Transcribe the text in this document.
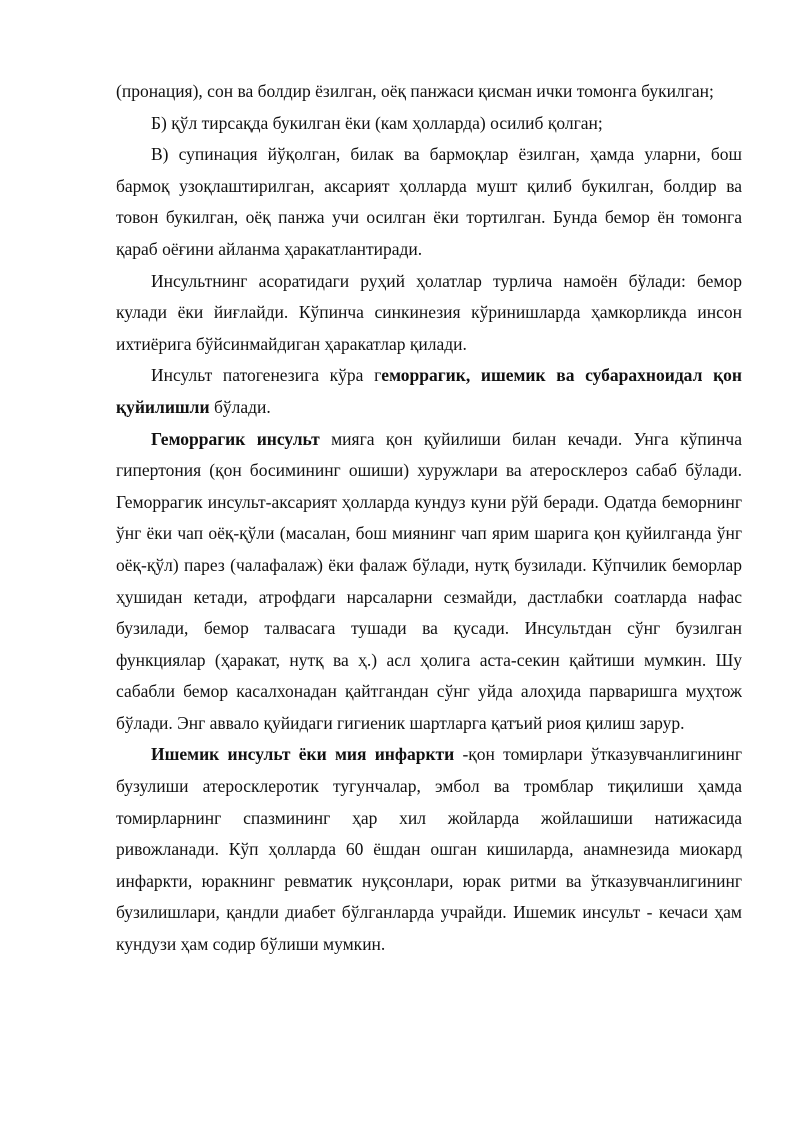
(пронация), сон ва болдир ёзилган, оёқ панжаси қисман ички томонга букилган;

Б) қўл тирсақда букилган ёки (кам ҳолларда) осилиб қолган;

В) супинация йўқолган, билак ва бармоқлар ёзилган, ҳамда уларни, бош бармоқ узоқлаштирилган, аксарият ҳолларда мушт қилиб букилган, болдир ва товон букилган, оёқ панжа учи осилган ёки тортилган. Бунда бемор ён томонга қараб оёғини айланма ҳаракатлантиради.

Инсультнинг асоратидаги руҳий ҳолатлар турлича намоён бўлади: бемор кулади ёки йиғлайди. Кўпинча синкинезия кўринишларда ҳамкорликда инсон ихтиёрига бўйсинмайдиган ҳаракатлар қилади.

Инсульт патогенезига кўра геморрагик, ишемик ва субарахноидал қон қуйилишли бўлади.

Геморрагик инсульт мияга қон қуйилиши билан кечади. Унга кўпинча гипертония (қон босимининг ошиши) хуружлари ва атеросклероз сабаб бўлади. Геморрагик инсульт-аксарият ҳолларда кундуз куни рўй беради. Одатда беморнинг ўнг ёки чап оёқ-қўли (масалан, бош миянинг чап ярим шарига қон қуйилганда ўнг оёқ-қўл) парез (чалафалаж) ёки фалаж бўлади, нутқ бузилади. Кўпчилик беморлар ҳушидан кетади, атрофдаги нарсаларни сезмайди, дастлабки соатларда нафас бузилади, бемор талвасага тушади ва қусади. Инсультдан сўнг бузилган функциялар (ҳаракат, нутқ ва ҳ.) асл ҳолига аста-секин қайтиши мумкин. Шу сабабли бемор касалхонадан қайтгандан сўнг уйда алоҳида парваришга муҳтож бўлади. Энг аввало қуйидаги гигиеник шартларга қатъий риоя қилиш зарур.

Ишемик инсульт ёки мия инфаркти -қон томирлари ўтказувчанлигининг бузулиши атеросклеротик тугунчалар, эмбол ва тромблар тиқилиши ҳамда томирларнинг спазмининг ҳар хил жойларда жойлашиши натижасида ривожланади. Кўп ҳолларда 60 ёшдан ошган кишиларда, анамнезида миокард инфаркти, юракнинг ревматик нуқсонлари, юрак ритми ва ўтказувчанлигининг бузилишлари, қандли диабет бўлганларда учрайди. Ишемик инсульт - кечаси ҳам кундузи ҳам содир бўлиши мумкин.
